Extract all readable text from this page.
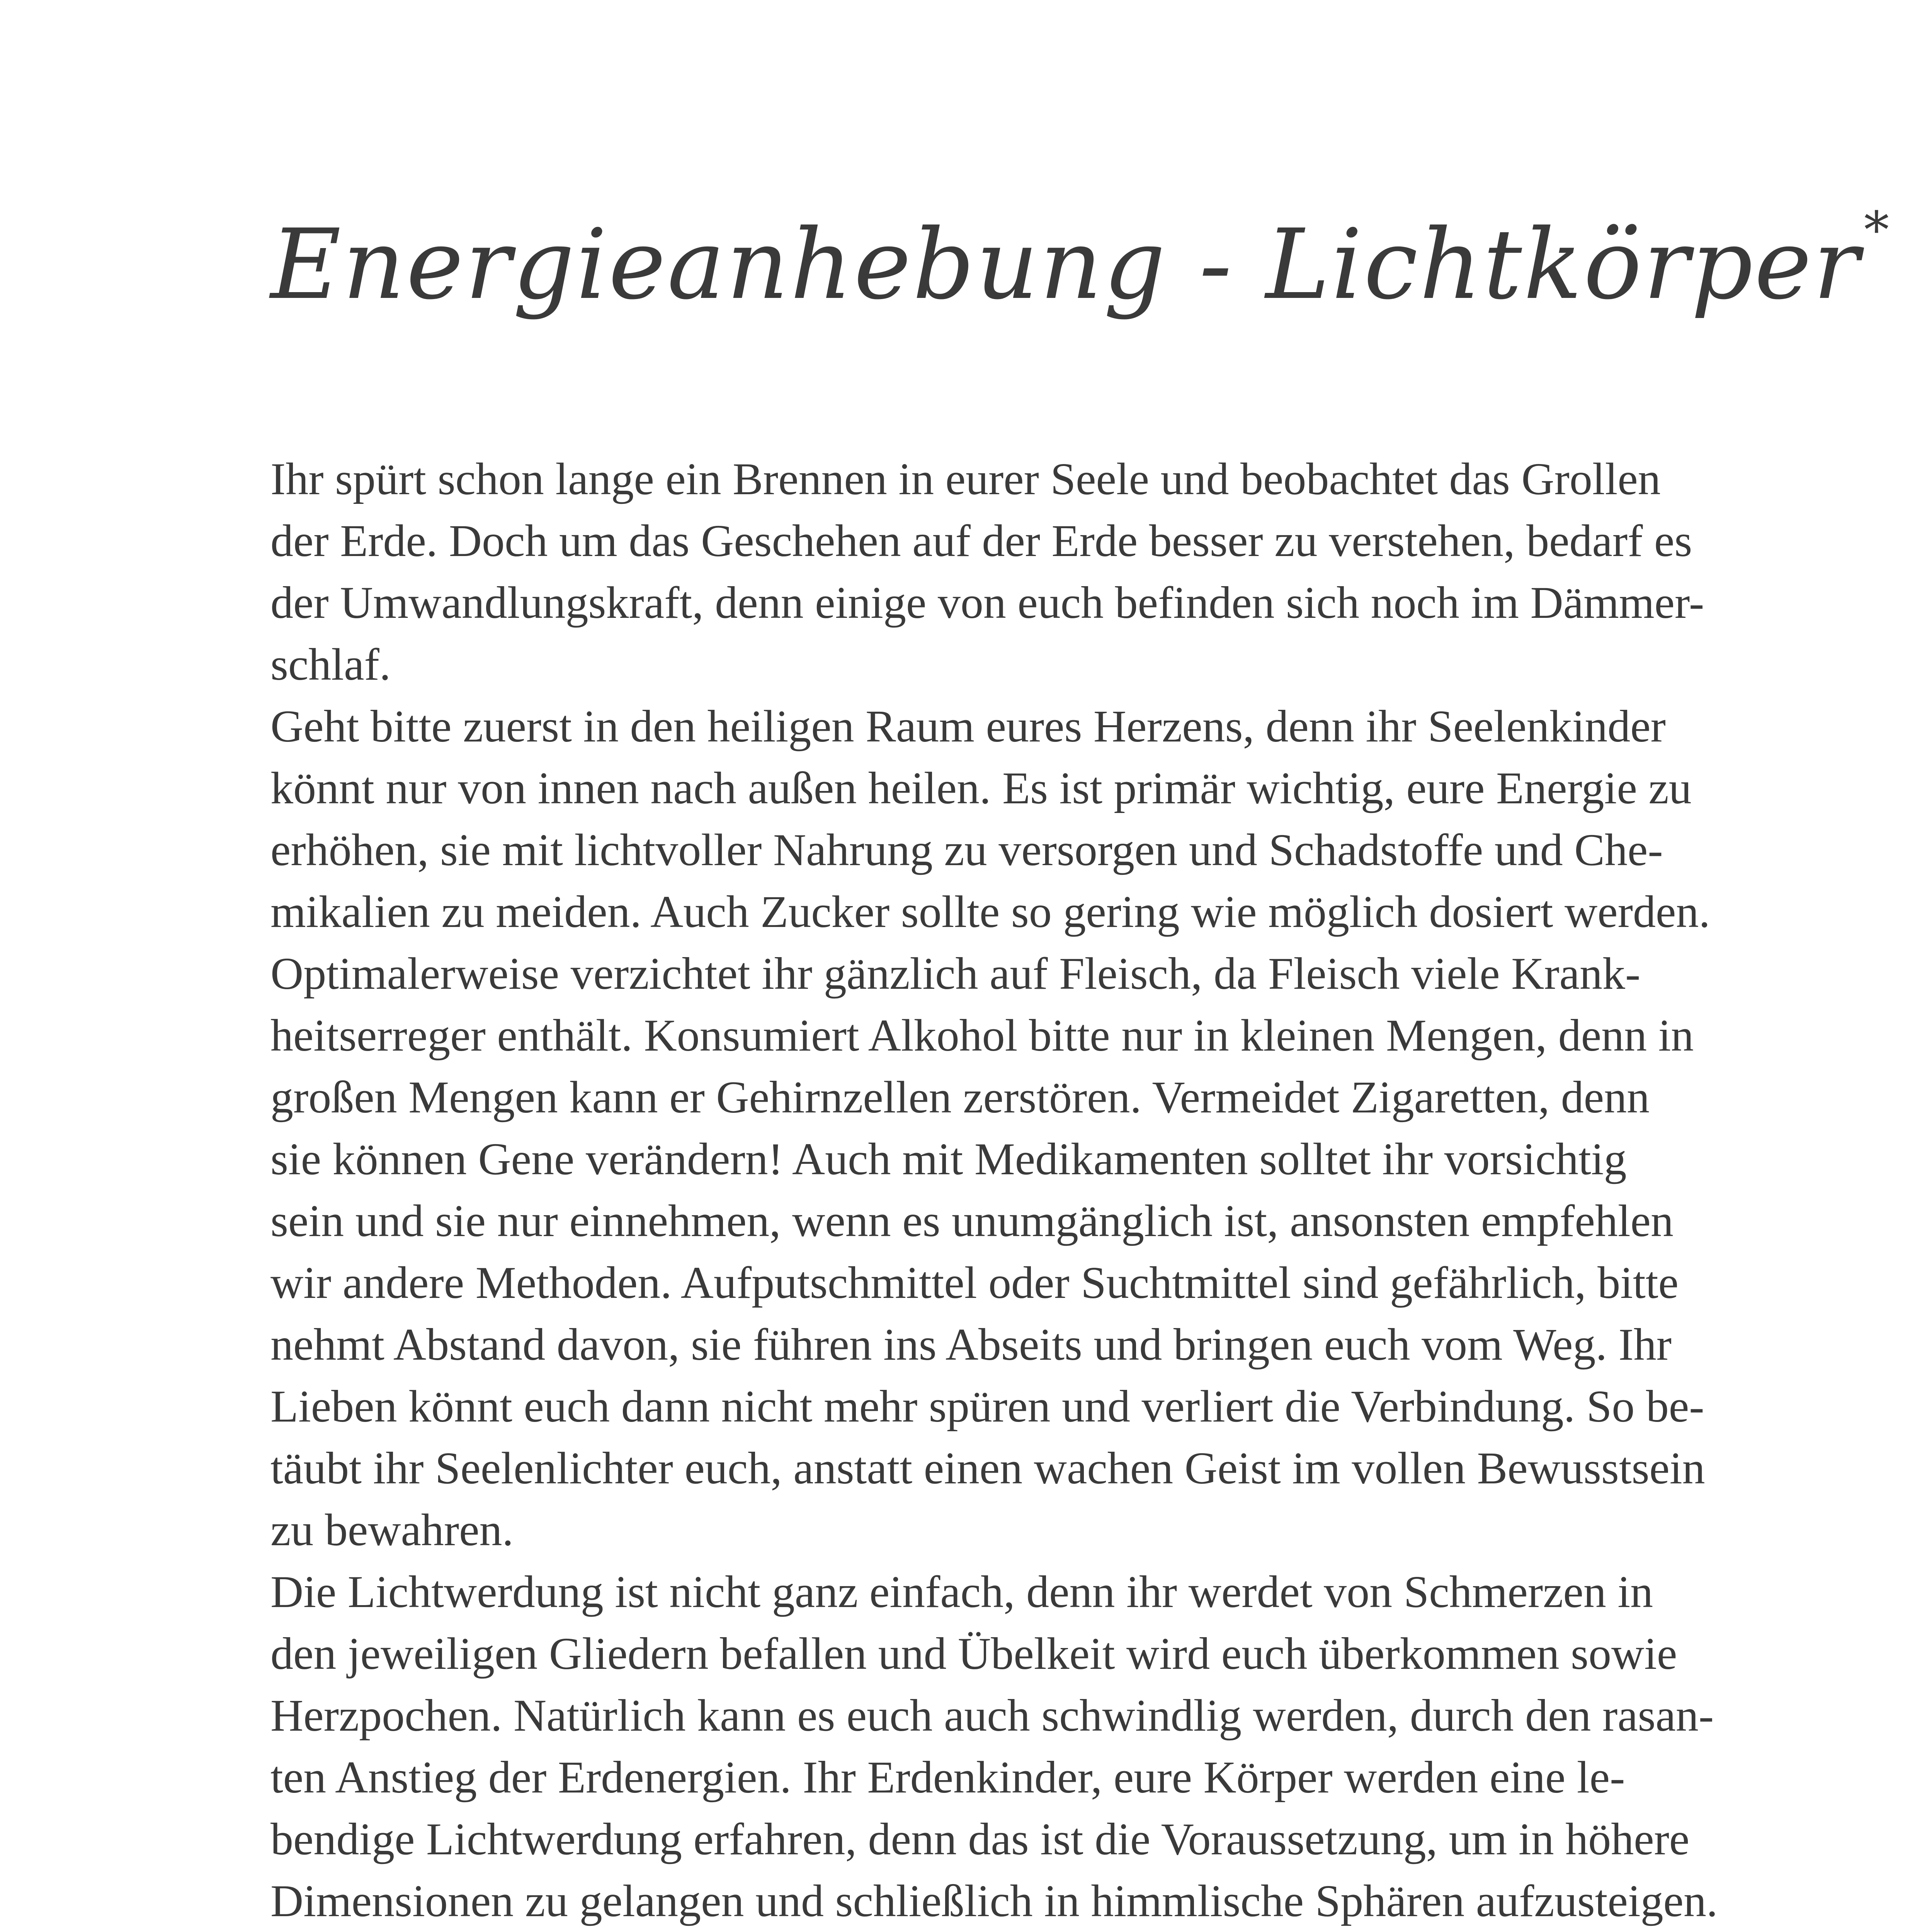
Energieanhebung - Lichtkörper*
Ihr spürt schon lange ein Brennen in eurer Seele und beobachtet das Grollen
der Erde. Doch um das Geschehen auf der Erde besser zu verstehen, bedarf es
der Umwandlungskraft, denn einige von euch befinden sich noch im Dämmer-
schlaf.
Geht bitte zuerst in den heiligen Raum eures Herzens, denn ihr Seelenkinder
könnt nur von innen nach außen heilen. Es ist primär wichtig, eure Energie zu
erhöhen, sie mit lichtvoller Nahrung zu versorgen und Schadstoffe und Che-
mikalien zu meiden. Auch Zucker sollte so gering wie möglich dosiert werden.
Optimalerweise verzichtet ihr gänzlich auf Fleisch, da Fleisch viele Krank-
heitserreger enthält. Konsumiert Alkohol bitte nur in kleinen Mengen, denn in
großen Mengen kann er Gehirnzellen zerstören. Vermeidet Zigaretten, denn
sie können Gene verändern! Auch mit Medikamenten solltet ihr vorsichtig
sein und sie nur einnehmen, wenn es unumgänglich ist, ansonsten empfehlen
wir andere Methoden. Aufputschmittel oder Suchtmittel sind gefährlich, bitte
nehmt Abstand davon, sie führen ins Abseits und bringen euch vom Weg. Ihr
Lieben könnt euch dann nicht mehr spüren und verliert die Verbindung. So be-
täubt ihr Seelenlichter euch, anstatt einen wachen Geist im vollen Bewusstsein
zu bewahren.
Die Lichtwerdung ist nicht ganz einfach, denn ihr werdet von Schmerzen in
den jeweiligen Gliedern befallen und Übelkeit wird euch überkommen sowie
Herzpochen. Natürlich kann es euch auch schwindlig werden, durch den rasan-
ten Anstieg der Erdenergien. Ihr Erdenkinder, eure Körper werden eine le-
bendige Lichtwerdung erfahren, denn das ist die Voraussetzung, um in höhere
Dimensionen zu gelangen und schließlich in himmlische Sphären aufzusteigen.
